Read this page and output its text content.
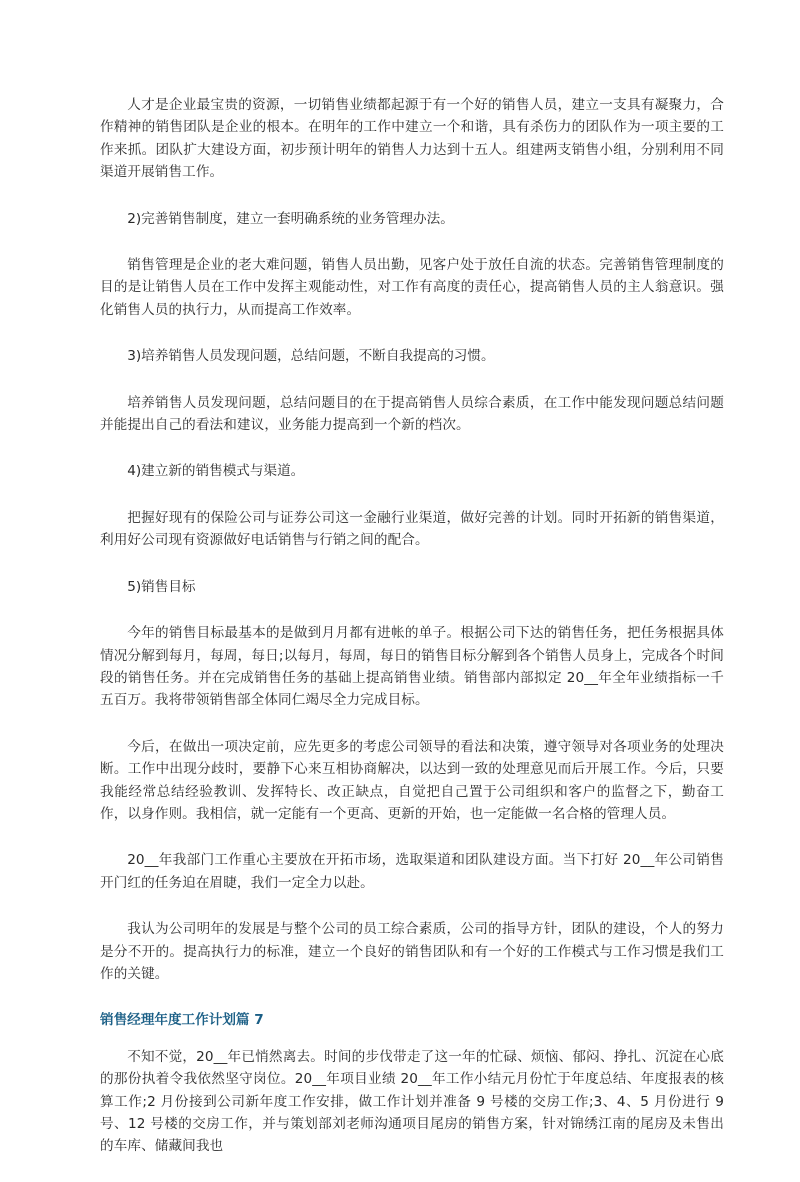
人才是企业最宝贵的资源，一切销售业绩都起源于有一个好的销售人员，建立一支具有凝聚力，合作精神的销售团队是企业的根本。在明年的工作中建立一个和谐，具有杀伤力的团队作为一项主要的工作来抓。团队扩大建设方面，初步预计明年的销售人力达到十五人。组建两支销售小组，分别利用不同渠道开展销售工作。

2)完善销售制度，建立一套明确系统的业务管理办法。

销售管理是企业的老大难问题，销售人员出勤，见客户处于放任自流的状态。完善销售管理制度的目的是让销售人员在工作中发挥主观能动性，对工作有高度的责任心，提高销售人员的主人翁意识。强化销售人员的执行力，从而提高工作效率。

3)培养销售人员发现问题，总结问题，不断自我提高的习惯。

培养销售人员发现问题，总结问题目的在于提高销售人员综合素质，在工作中能发现问题总结问题并能提出自己的看法和建议，业务能力提高到一个新的档次。

4)建立新的销售模式与渠道。

把握好现有的保险公司与证券公司这一金融行业渠道，做好完善的计划。同时开拓新的销售渠道，利用好公司现有资源做好电话销售与行销之间的配合。

5)销售目标

今年的销售目标最基本的是做到月月都有进帐的单子。根据公司下达的销售任务，把任务根据具体情况分解到每月，每周，每日;以每月，每周，每日的销售目标分解到各个销售人员身上，完成各个时间段的销售任务。并在完成销售任务的基础上提高销售业绩。销售部内部拟定 20__年全年业绩指标一千五百万。我将带领销售部全体同仁竭尽全力完成目标。

今后，在做出一项决定前，应先更多的考虑公司领导的看法和决策，遵守领导对各项业务的处理决断。工作中出现分歧时，要静下心来互相协商解决，以达到一致的处理意见而后开展工作。今后，只要我能经常总结经验教训、发挥特长、改正缺点，自觉把自己置于公司组织和客户的监督之下，勤奋工作，以身作则。我相信，就一定能有一个更高、更新的开始，也一定能做一名合格的管理人员。

20__年我部门工作重心主要放在开拓市场，选取渠道和团队建设方面。当下打好 20__年公司销售开门红的任务迫在眉睫，我们一定全力以赴。

我认为公司明年的发展是与整个公司的员工综合素质，公司的指导方针，团队的建设，个人的努力是分不开的。提高执行力的标准，建立一个良好的销售团队和有一个好的工作模式与工作习惯是我们工作的关键。

销售经理年度工作计划篇 7

不知不觉，20__年已悄然离去。时间的步伐带走了这一年的忙碌、烦恼、郁闷、挣扎、沉淀在心底的那份执着令我依然坚守岗位。20__年项目业绩 20__年工作小结元月份忙于年度总结、年度报表的核算工作;2 月份接到公司新年度工作安排，做工作计划并准备 9 号楼的交房工作;3、4、5 月份进行 9 号、12 号楼的交房工作，并与策划部刘老师沟通项目尾房的销售方案，针对锦绣江南的尾房及未售出的车库、储藏间我也
